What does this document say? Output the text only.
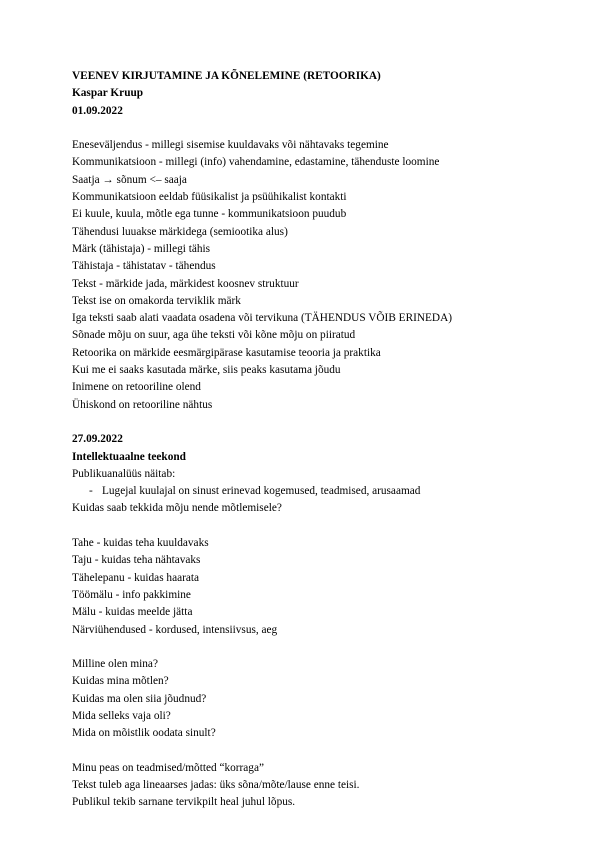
VEENEV KIRJUTAMINE JA KÕNELEMINE (RETOORIKA)
Kaspar Kruup
01.09.2022
Eneseväljendus - millegi sisemise kuuldavaks või nähtavaks tegemine
Kommunikatsioon - millegi (info) vahendamine, edastamine, tähenduste loomine
Saatja → sõnum <– saaja
Kommunikatsioon eeldab füüsikalist ja psüühikalist kontakti
Ei kuule, kuula, mõtle ega tunne - kommunikatsioon puudub
Tähendusi luuakse märkidega (semiootika alus)
Märk (tähistaja) - millegi tähis
Tähistaja - tähistatav - tähendus
Tekst - märkide jada, märkidest koosnev struktuur
Tekst ise on omakorda terviklik märk
Iga teksti saab alati vaadata osadena või tervikuna (TÄHENDUS VÕIB ERINEDA)
Sõnade mõju on suur, aga ühe teksti või kõne mõju on piiratud
Retoorika on märkide eesmärgipärase kasutamise teooria ja praktika
Kui me ei saaks kasutada märke, siis peaks kasutama jõudu
Inimene on retooriline olend
Ühiskond on retooriline nähtus
27.09.2022
Intellektuaalne teekond
Publikuanalüüs näitab:
- Lugejal kuulajal on sinust erinevad kogemused, teadmised, arusaamad
Kuidas saab tekkida mõju nende mõtlemisele?
Tahe - kuidas teha kuuldavaks
Taju - kuidas teha nähtavaks
Tähelepanu - kuidas haarata
Töömälu - info pakkimine
Mälu - kuidas meelde jätta
Närviühendused - kordused, intensiivsus, aeg
Milline olen mina?
Kuidas mina mõtlen?
Kuidas ma olen siia jõudnud?
Mida selleks vaja oli?
Mida on mõistlik oodata sinult?
Minu peas on teadmised/mõtted “korraga”
Tekst tuleb aga lineaarses jadas: üks sõna/mõte/lause enne teisi.
Publikul tekib sarnane tervikpilt heal juhul lõpus.
